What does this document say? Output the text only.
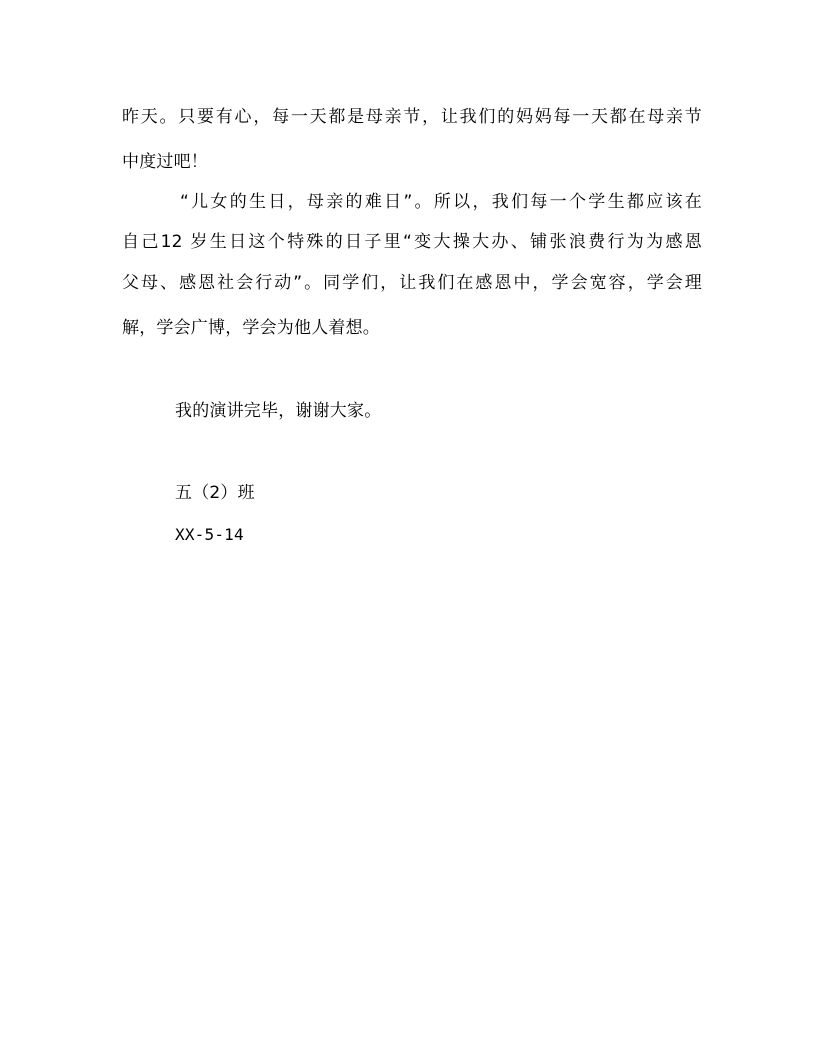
昨天。只要有心，每一天都是母亲节，让我们的妈妈每一天都在母亲节
中度过吧！
“儿女的生日，母亲的难日”。所以，我们每一个学生都应该在
自己12 岁生日这个特殊的日子里“变大操大办、铺张浪费行为为感恩
父母、感恩社会行动”。同学们，让我们在感恩中，学会宽容，学会理
解，学会广博，学会为他人着想。
我的演讲完毕，谢谢大家。
五（2）班
XX-5-14
